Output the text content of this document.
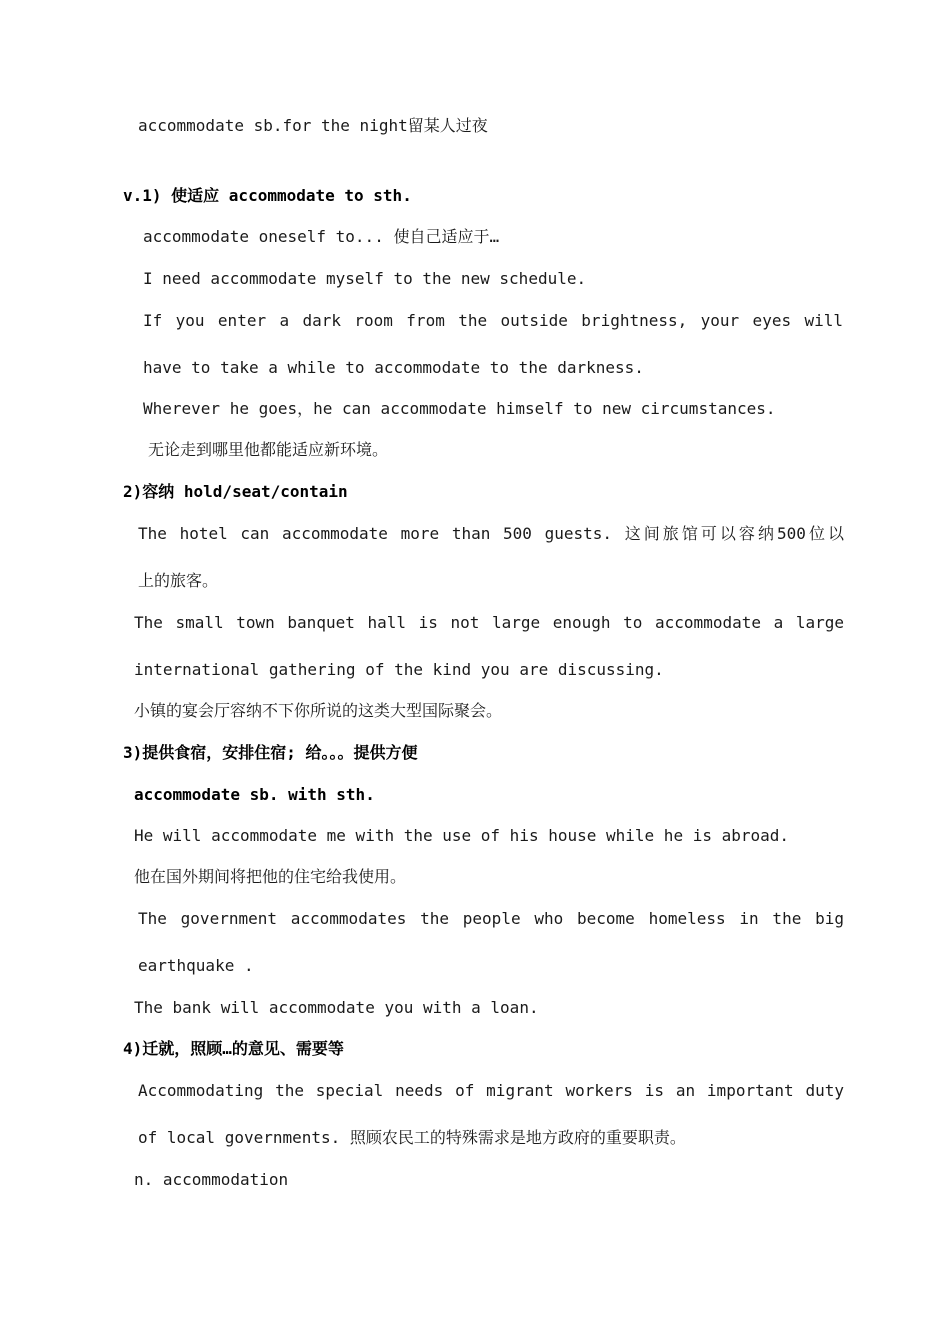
accommodate sb.for the night留某人过夜
v.1) 使适应 accommodate to sth.
accommodate oneself to... 使自己适应于…
I need accommodate myself to the new schedule.
If you enter a dark room from the outside brightness, your eyes will
have to take a while to accommodate to the darkness.
Wherever he goes，he can accommodate himself to new circumstances.
无论走到哪里他都能适应新环境。
2)容纳 hold/seat/contain
The hotel can accommodate more than 500 guests. 这间旅馆可以容纳500位以
上的旅客。
The small town banquet hall is not large enough to accommodate a large
international gathering of the kind you are discussing.
小镇的宴会厅容纳不下你所说的这类大型国际聚会。
3)提供食宿，安排住宿; 给。。。提供方便
accommodate sb. with sth.
He will accommodate me with the use of his house while he is abroad.
他在国外期间将把他的住宅给我使用。
The government accommodates the people who become homeless in the big
earthquake .
The bank will accommodate you with a loan.
4)迁就，照顾…的意见、需要等
Accommodating the special needs of migrant workers is an important duty
of local governments. 照顾农民工的特殊需求是地方政府的重要职责。
n. accommodation
